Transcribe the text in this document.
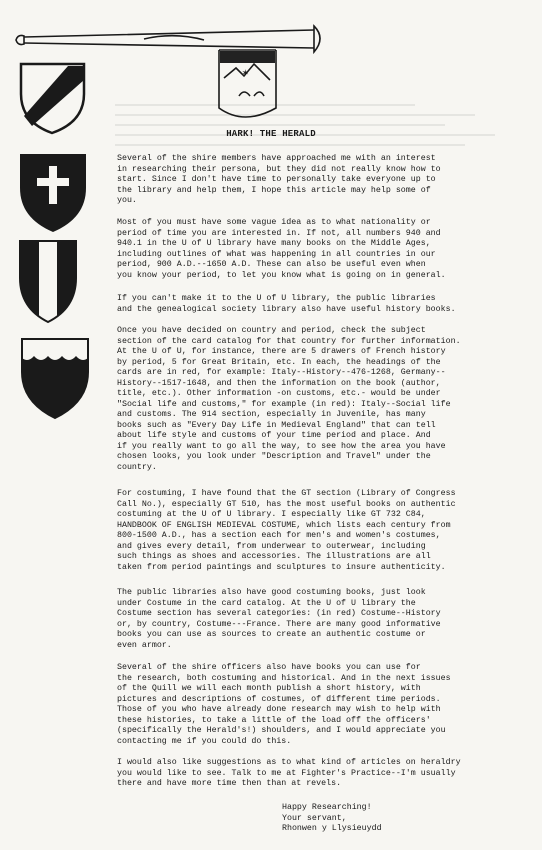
✶
HARK! THE HERALD

Several of the shire members have approached me with an interest
in researching their persona, but they did not really know how to
start. Since I don't have time to personally take everyone up to
the library and help them, I hope this article may help some of
you.

Most of you must have some vague idea as to what nationality or
period of time you are interested in. If not, all numbers 940 and
940.1 in the U of U library have many books on the Middle Ages,
including outlines of what was happening in all countries in our
period, 900 A.D.--1650 A.D. These can also be useful even when
you know your period, to let you know what is going on in general.

If you can't make it to the U of U library, the public libraries
and the genealogical society library also have useful history books.

Once you have decided on country and period, check the subject
section of the card catalog for that country for further information.
At the U of U, for instance, there are 5 drawers of French history
by period, 5 for Great Britain, etc. In each, the headings of the
cards are in red, for example: Italy--History--476-1268, Germany--
History--1517-1648, and then the information on the book (author,
title, etc.). Other information -on customs, etc.- would be under
"Social life and customs," for example (in red): Italy--Social life
and customs. The 914 section, especially in Juvenile, has many
books such as "Every Day Life in Medieval England" that can tell
about life style and customs of your time period and place. And
if you really want to go all the way, to see how the area you have
chosen looks, you look under "Description and Travel" under the
country.

For costuming, I have found that the GT section (Library of Congress
Call No.), especially GT 510, has the most useful books on authentic
costuming at the U of U library. I especially like GT 732 C84,
HANDBOOK OF ENGLISH MEDIEVAL COSTUME, which lists each century from
800-1500 A.D., has a section each for men's and women's costumes,
and gives every detail, from underwear to outerwear, including
such things as shoes and accessories. The illustrations are all
taken from period paintings and sculptures to insure authenticity.

The public libraries also have good costuming books, just look
under Costume in the card catalog. At the U of U library the
Costume section has several categories: (in red) Costume--History
or, by country, Costume---France. There are many good informative
books you can use as sources to create an authentic costume or
even armor.

Several of the shire officers also have books you can use for
the research, both costuming and historical. And in the next issues
of the Quill we will each month publish a short history, with
pictures and descriptions of costumes, of different time periods.
Those of you who have already done research may wish to help with
these histories, to take a little of the load off the officers'
(specifically the Herald's!) shoulders, and I would appreciate you
contacting me if you could do this.

I would also like suggestions as to what kind of articles on heraldry
you would like to see. Talk to me at Fighter's Practice--I'm usually
there and have more time then than at revels.

Happy Researching!
Your servant,
Rhonwen y Llysieuydd
